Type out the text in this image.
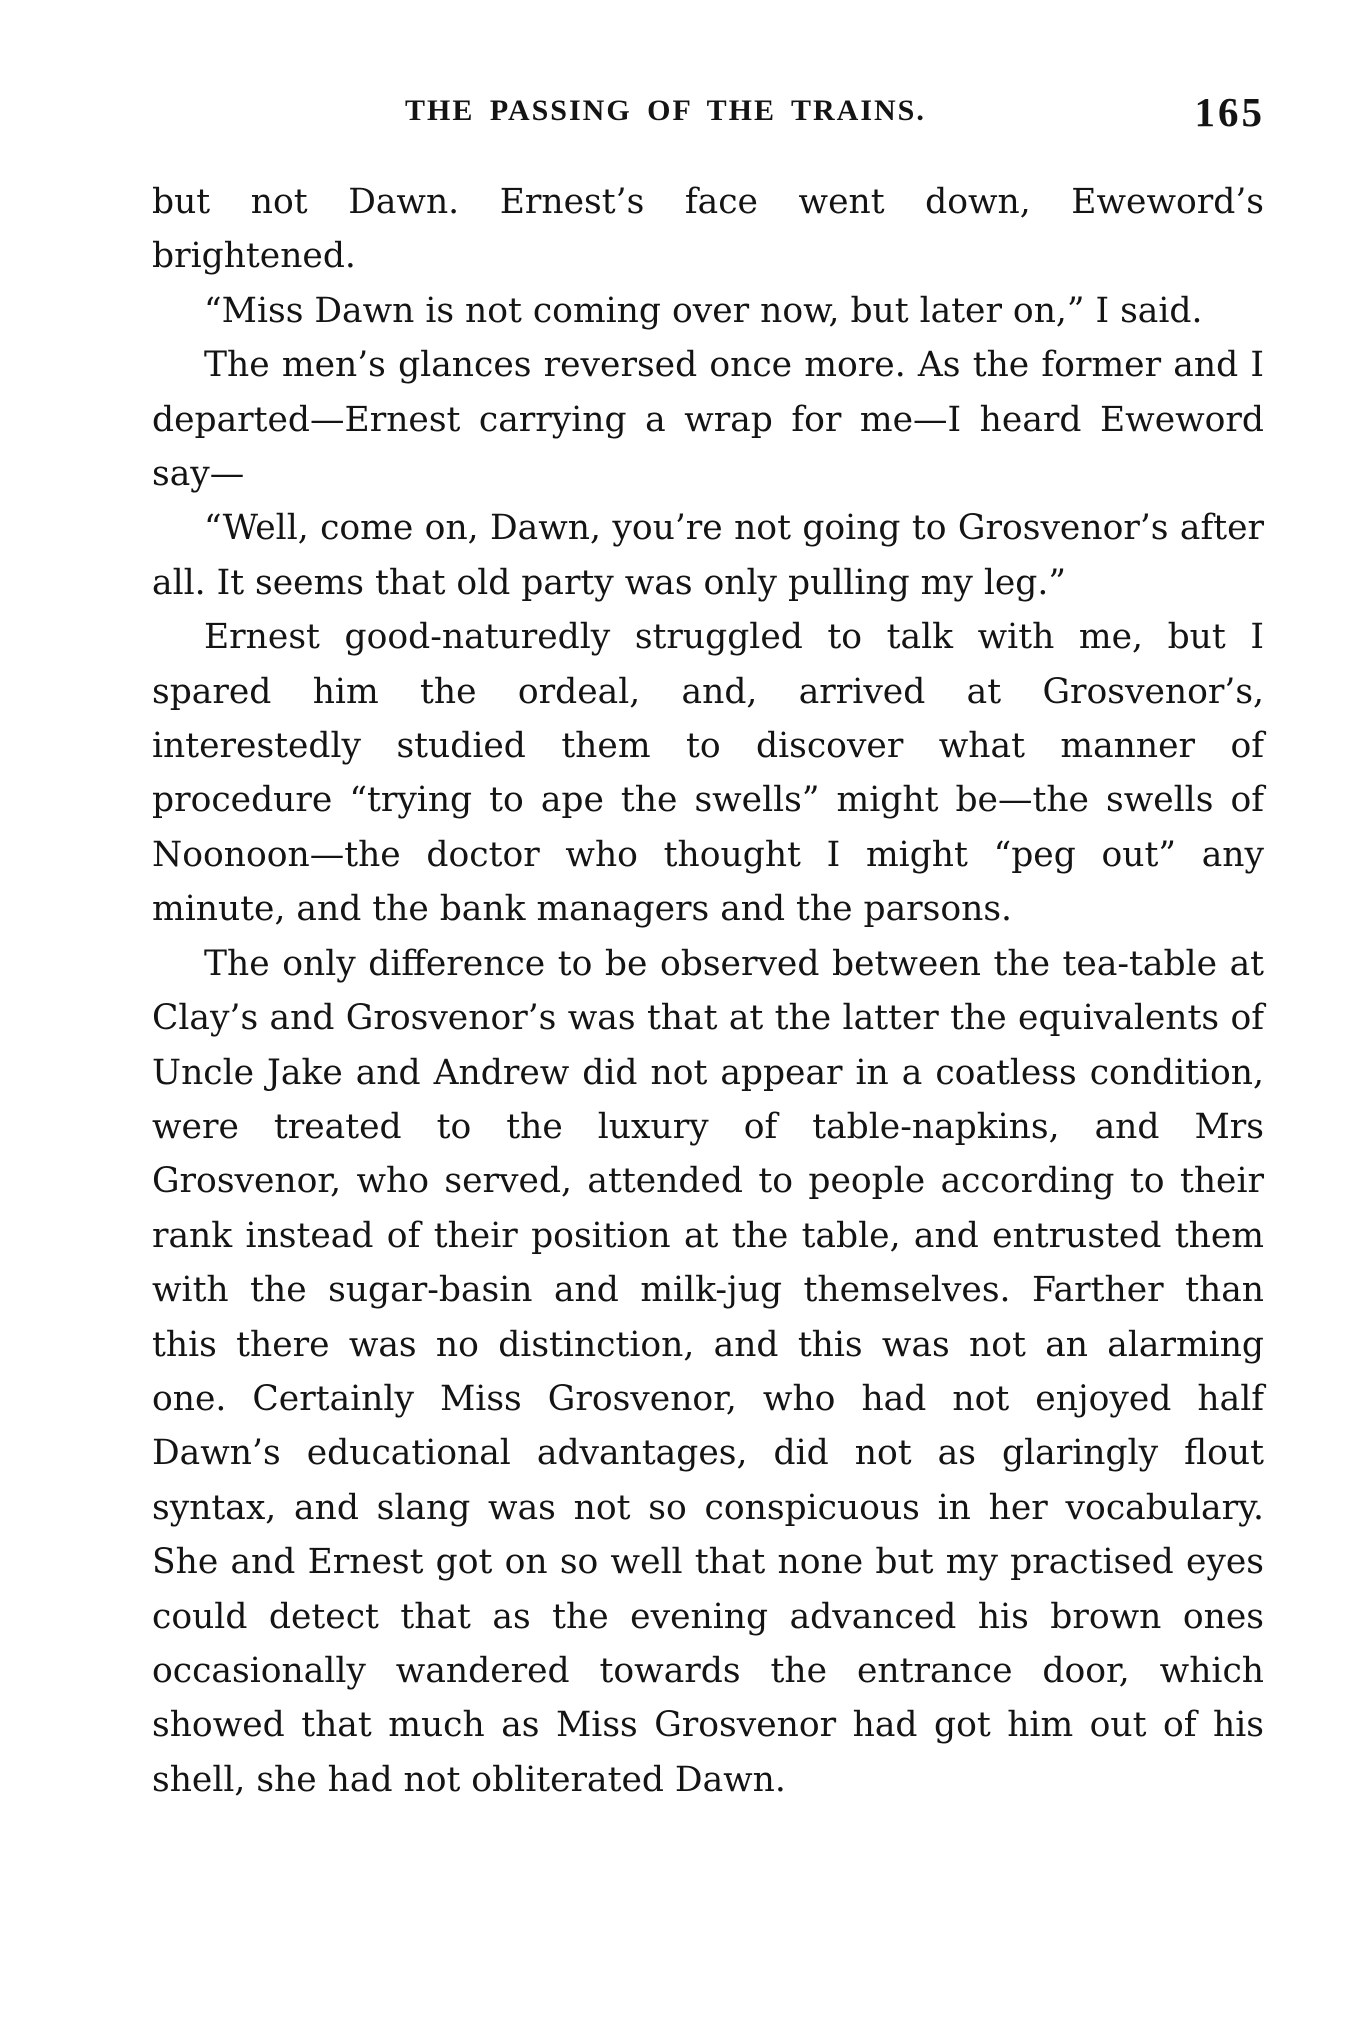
THE PASSING OF THE TRAINS.	165

but not Dawn. Ernest’s face went down, Eweword’s brightened.

“Miss Dawn is not coming over now, but later on,” I said.

The men’s glances reversed once more. As the former and I departed—Ernest carrying a wrap for me—I heard Eweword say—

“Well, come on, Dawn, you’re not going to Grosvenor’s after all. It seems that old party was only pulling my leg.”

Ernest good-naturedly struggled to talk with me, but I spared him the ordeal, and, arrived at Grosvenor’s, interestedly studied them to discover what manner of procedure “trying to ape the swells” might be—the swells of Noonoon—the doctor who thought I might “peg out” any minute, and the bank managers and the parsons.

The only difference to be observed between the tea-table at Clay’s and Grosvenor’s was that at the latter the equivalents of Uncle Jake and Andrew did not appear in a coatless condition, were treated to the luxury of table-napkins, and Mrs Grosvenor, who served, attended to people according to their rank instead of their position at the table, and entrusted them with the sugar-basin and milk-jug themselves. Farther than this there was no distinction, and this was not an alarming one. Certainly Miss Grosvenor, who had not enjoyed half Dawn’s educational advantages, did not as glaringly flout syntax, and slang was not so conspicuous in her vocabulary. She and Ernest got on so well that none but my practised eyes could detect that as the evening advanced his brown ones occasionally wandered towards the entrance door, which showed that much as Miss Grosvenor had got him out of his shell, she had not obliterated Dawn.
